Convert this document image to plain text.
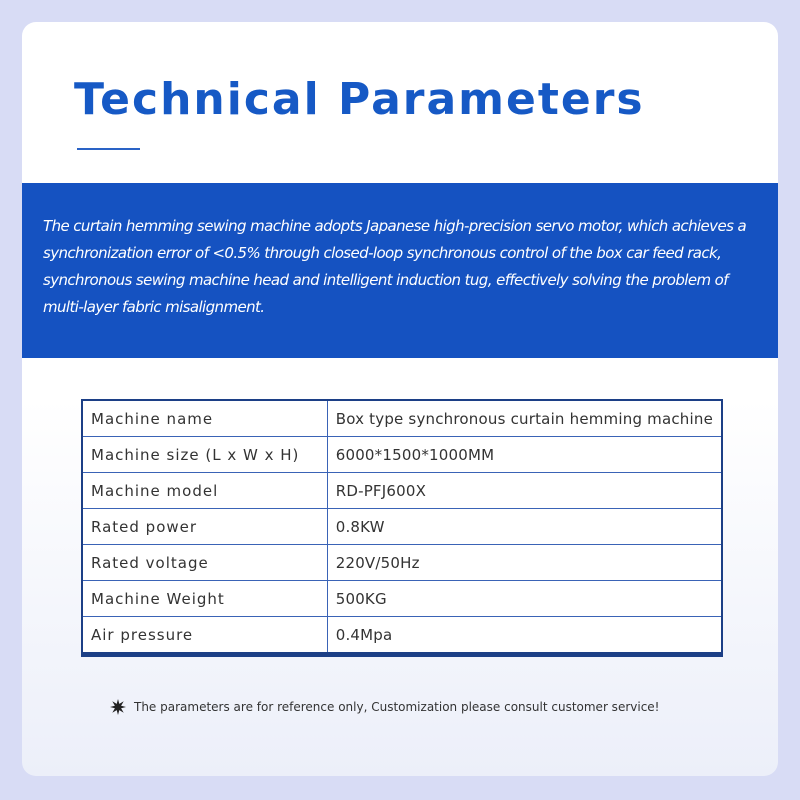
Technical Parameters

The curtain hemming sewing machine adopts Japanese high-precision servo motor, which achieves a synchronization error of <0.5% through closed-loop synchronous control of the box car feed rack, synchronous sewing machine head and intelligent induction tug, effectively solving the problem of multi-layer fabric misalignment.

Machine name	Box type synchronous curtain hemming machine
Machine size (L x W x H)	6000*1500*1000MM
Machine model	RD-PFJ600X
Rated power	0.8KW
Rated voltage	220V/50Hz
Machine Weight	500KG
Air pressure	0.4Mpa
The parameters are for reference only, Customization please consult customer service!
